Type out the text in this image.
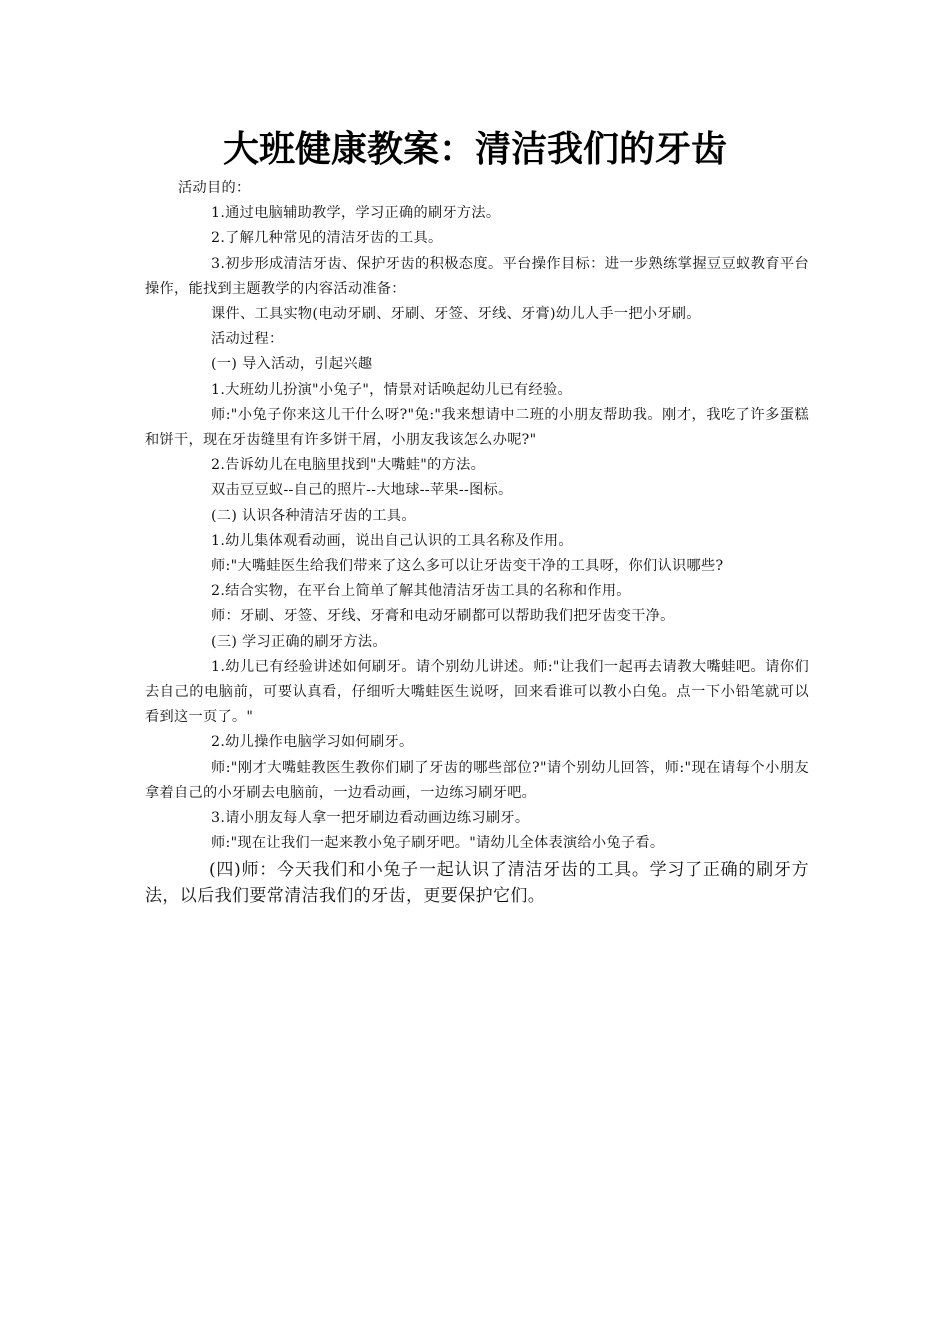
大班健康教案：清洁我们的牙齿

活动目的：

1.通过电脑辅助教学，学习正确的刷牙方法。

2.了解几种常见的清洁牙齿的工具。

3.初步形成清洁牙齿、保护牙齿的积极态度。平台操作目标：进一步熟练掌握豆豆蚁教育平台操作，能找到主题教学的内容活动准备：

课件、工具实物(电动牙刷、牙刷、牙签、牙线、牙膏)幼儿人手一把小牙刷。

活动过程：

(一) 导入活动，引起兴趣

1.大班幼儿扮演"小兔子"，情景对话唤起幼儿已有经验。

师:"小兔子你来这儿干什么呀?"兔:"我来想请中二班的小朋友帮助我。刚才，我吃了许多蛋糕和饼干，现在牙齿缝里有许多饼干屑，小朋友我该怎么办呢?"

2.告诉幼儿在电脑里找到"大嘴蛙"的方法。

双击豆豆蚁--自己的照片--大地球--苹果--图标。

(二) 认识各种清洁牙齿的工具。

1.幼儿集体观看动画，说出自己认识的工具名称及作用。

师:"大嘴蛙医生给我们带来了这么多可以让牙齿变干净的工具呀，你们认识哪些?

2.结合实物，在平台上简单了解其他清洁牙齿工具的名称和作用。

师：牙刷、牙签、牙线、牙膏和电动牙刷都可以帮助我们把牙齿变干净。

(三) 学习正确的刷牙方法。

1.幼儿已有经验讲述如何刷牙。请个别幼儿讲述。师:"让我们一起再去请教大嘴蛙吧。请你们去自己的电脑前，可要认真看，仔细听大嘴蛙医生说呀，回来看谁可以教小白兔。点一下小铅笔就可以看到这一页了。"

2.幼儿操作电脑学习如何刷牙。

师:"刚才大嘴蛙教医生教你们刷了牙齿的哪些部位?"请个别幼儿回答，师:"现在请每个小朋友拿着自己的小牙刷去电脑前，一边看动画，一边练习刷牙吧。

3.请小朋友每人拿一把牙刷边看动画边练习刷牙。

师:"现在让我们一起来教小兔子刷牙吧。"请幼儿全体表演给小兔子看。

(四)师：今天我们和小兔子一起认识了清洁牙齿的工具。学习了正确的刷牙方法，以后我们要常清洁我们的牙齿，更要保护它们。
